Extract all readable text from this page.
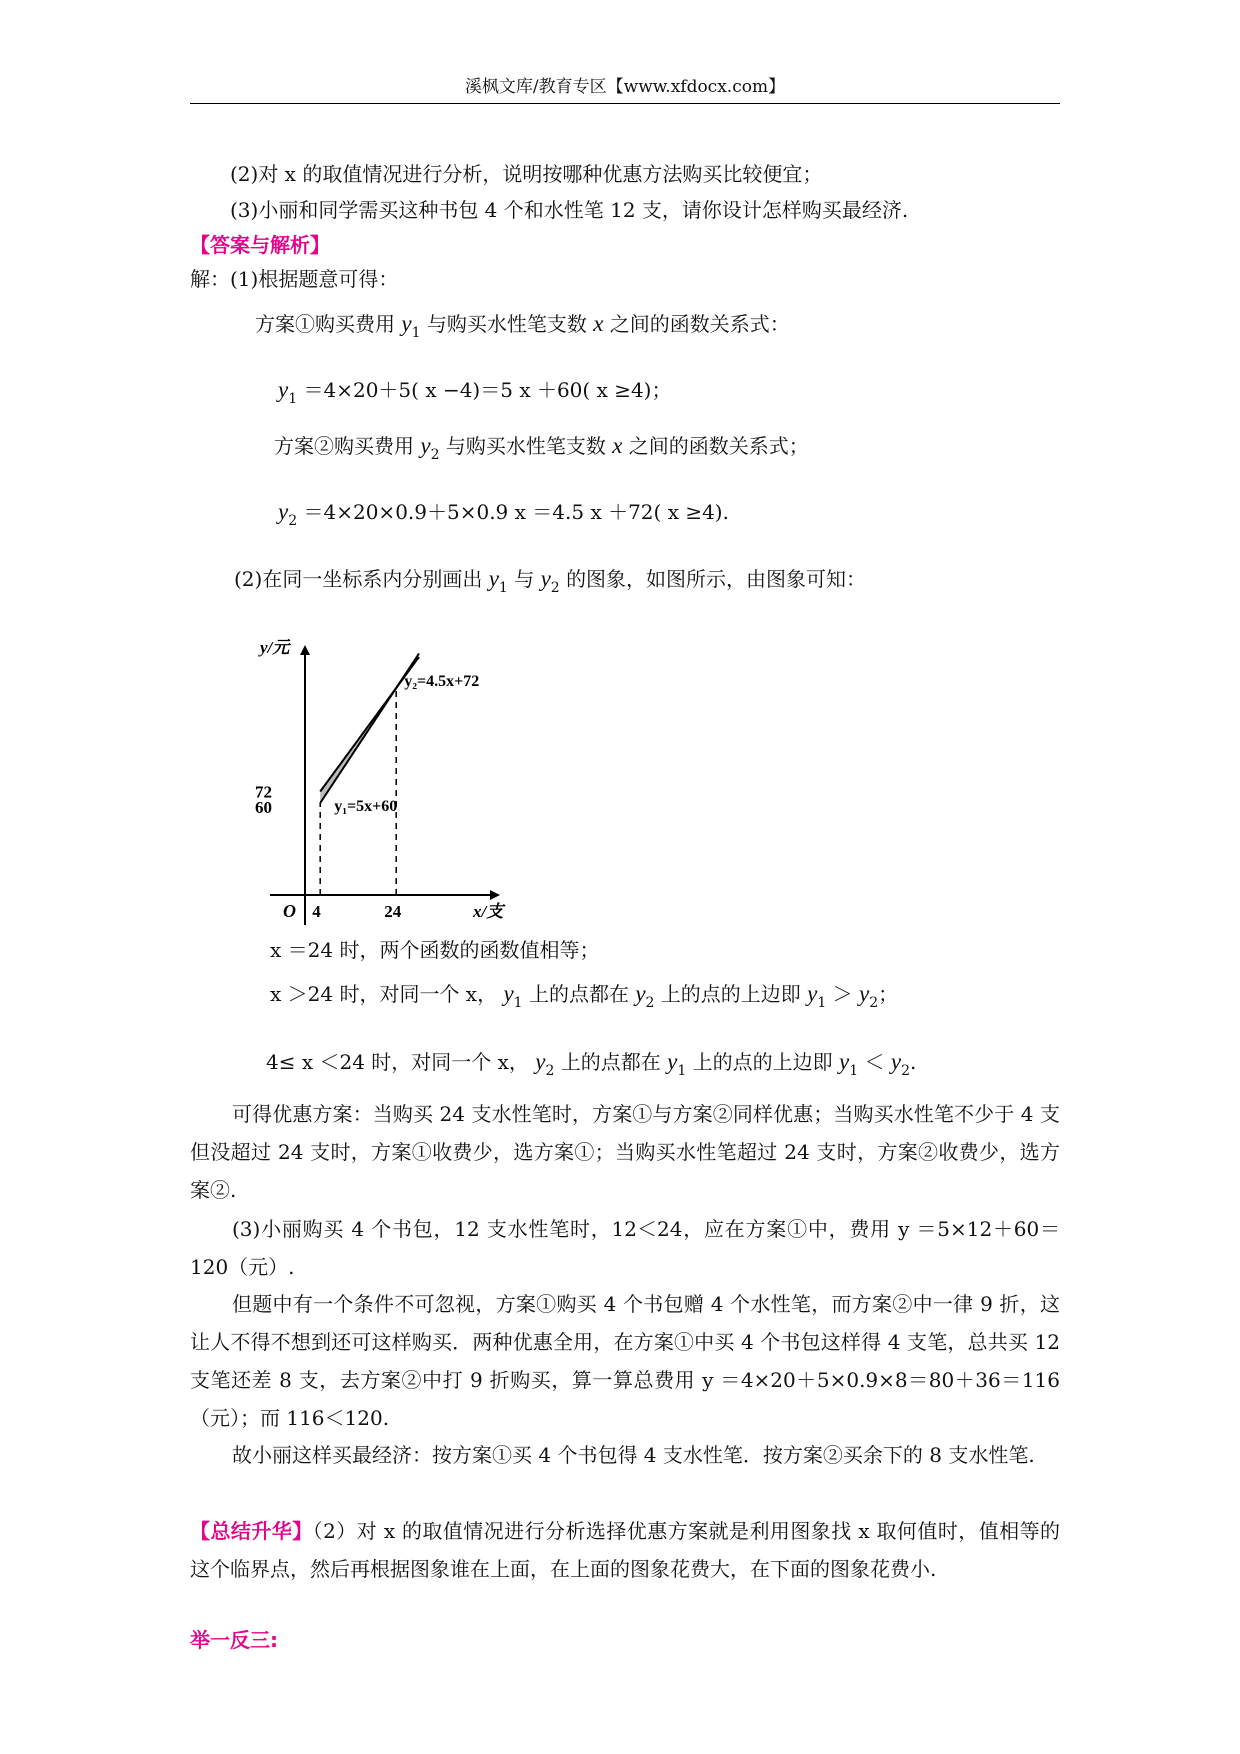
溪枫文库/教育专区【www.xfdocx.com】
(2)对 x 的取值情况进行分析，说明按哪种优惠方法购买比较便宜；
(3)小丽和同学需买这种书包 4 个和水性笔 12 支，请你设计怎样购买最经济.
【答案与解析】
解：(1)根据题意可得：
方案①购买费用 $y_1$ 与购买水性笔支数 x 之间的函数关系式：
$y_1 =4\times 20+5$( x −4)＝5 x ＋60( x ≥4)；
方案②购买费用 $y_2$ 与购买水性笔支数 x 之间的函数关系式；
$y_2 =4\times 20\times 0.9+5\times 0.9$ x ＝4.5 x ＋72( x ≥4).
(2)在同一坐标系内分别画出 $y_1$ 与 $y_2$ 的图象，如图所示，由图象可知：
4	24
72
60
O
y/元
x/支
y₂=4.5x+72
y₁=5x+60
x ＝24 时，两个函数的函数值相等；
x ＞24 时，对同一个 x， $y_1$ 上的点都在 $y_2$ 上的点的上边即 $y_1 > y_2$；
4≤ x ＜24 时，对同一个 x， $y_2$ 上的点都在 $y_1$ 上的点的上边即 $y_1 < y_2$.
可得优惠方案：当购买 24 支水性笔时，方案①与方案②同样优惠；当购买水性笔不少于 4 支但没超过 24 支时，方案①收费少，选方案①；当购买水性笔超过 24 支时，方案②收费少，选方案②.
(3)小丽购买 4 个书包，12 支水性笔时，12＜24，应在方案①中，费用 y ＝5×12＋60＝120（元）.
但题中有一个条件不可忽视，方案①购买 4 个书包赠 4 个水性笔，而方案②中一律 9 折，这让人不得不想到还可这样购买．两种优惠全用，在方案①中买 4 个书包这样得 4 支笔，总共买 12 支笔还差 8 支，去方案②中打 9 折购买，算一算总费用 y ＝4×20＋5×0.9×8＝80＋36＝116（元）；而 116＜120.
故小丽这样买最经济：按方案①买 4 个书包得 4 支水性笔．按方案②买余下的 8 支水性笔.
【总结升华】（2）对 x 的取值情况进行分析选择优惠方案就是利用图象找 x 取何值时，值相等的这个临界点，然后再根据图象谁在上面，在上面的图象花费大，在下面的图象花费小.
举一反三:
